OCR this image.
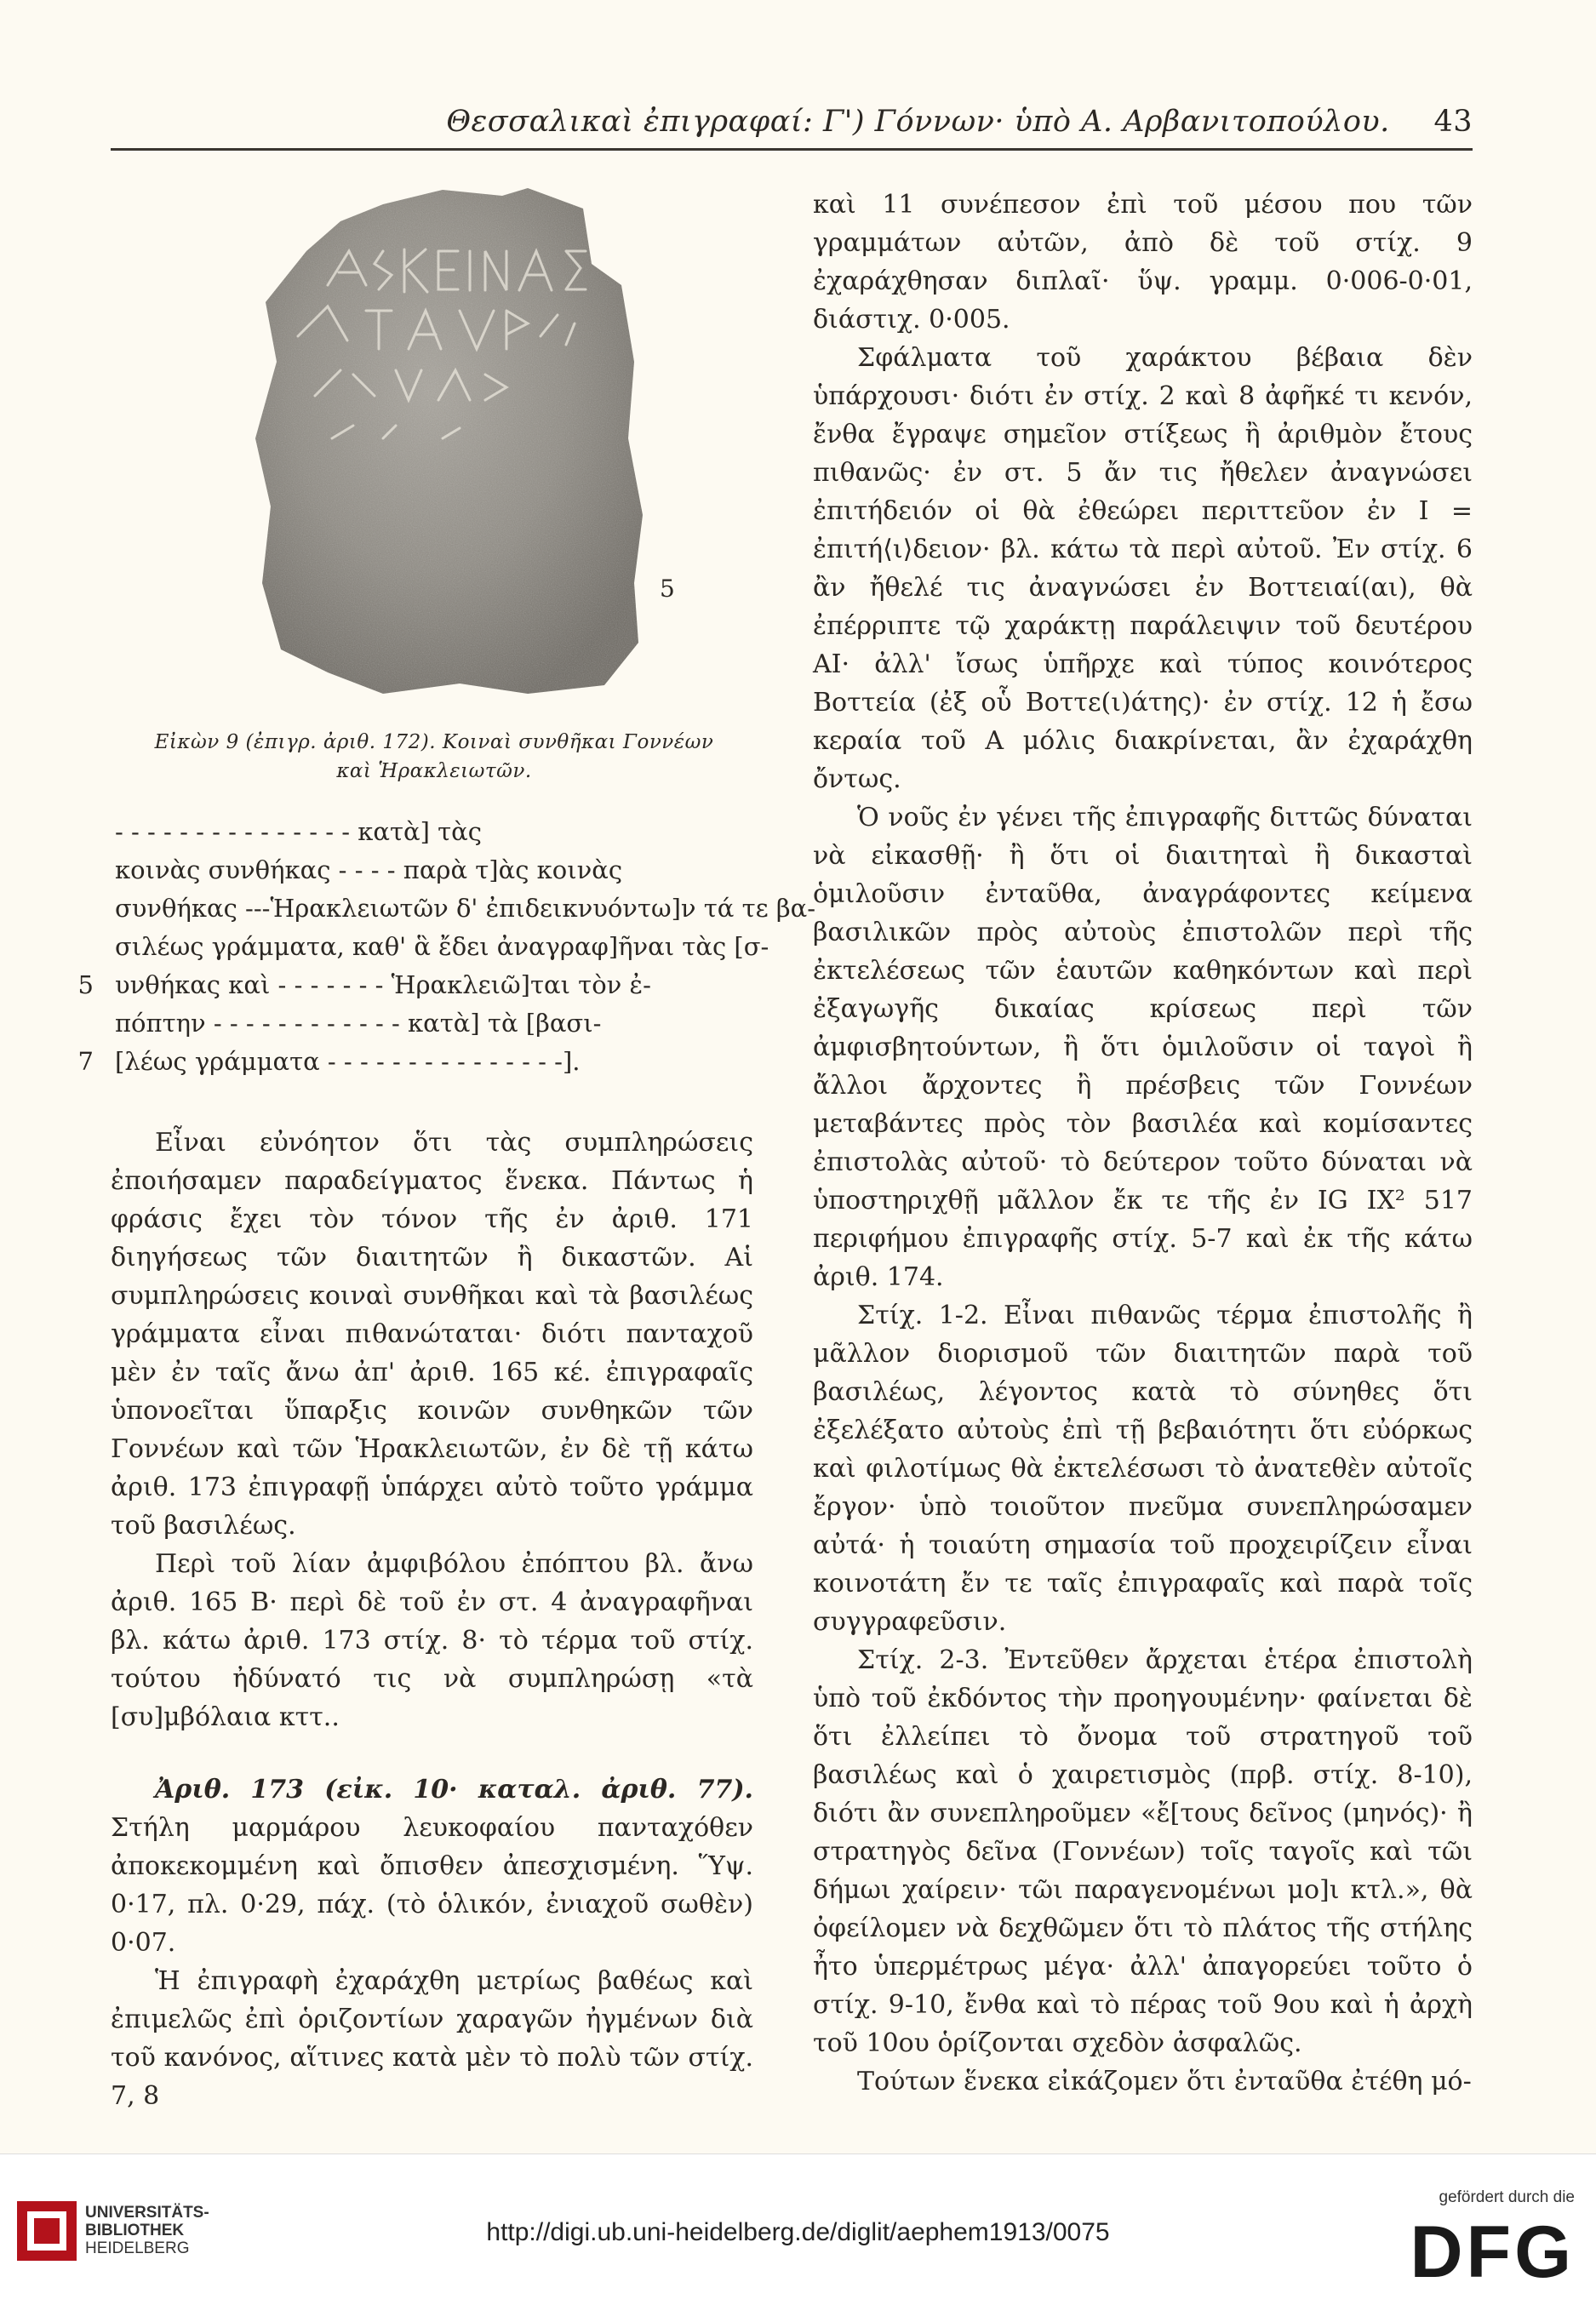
Θεσσαλικαὶ ἐπιγραφαί: Γ') Γόννων· ὑπὸ Α. Αρβανιτοπούλου. 43
5
Εἰκὼν 9 (ἐπιγρ. ἀριθ. 172). Κοιναὶ συνθῆκαι Γοννέων
καὶ Ἡρακλειωτῶν.
- - - - - - - - - - - - - - - κατὰ] τὰς
κοινὰς συνθήκας - - - - παρὰ τ]ὰς κοινὰς
συνθήκας ---Ἡρακλειωτῶν δ' ἐπιδεικνυόντω]ν τά τε βα-
σιλέως γράμματα, καθ' ἃ ἔδει ἀναγραφ]ῆναι τὰς [σ-
5 υνθήκας καὶ - - - - - - - Ἡρακλειῶ]ται τὸν ἐ-
πόπτην - - - - - - - - - - - - κατὰ] τὰ [βασι-
7 [λέως γράμματα - - - - - - - - - - - - - - -].

Εἶναι εὐνόητον ὅτι τὰς συμπληρώσεις ἐποιήσαμεν παραδείγματος ἕνεκα. Πάντως ἡ φράσις ἔχει τὸν τόνον τῆς ἐν ἀριθ. 171 διηγήσεως τῶν διαιτητῶν ἢ δικαστῶν. Αἱ συμπληρώσεις κοιναὶ συνθῆκαι καὶ τὰ βασιλέως γράμματα εἶναι πιθανώταται· διότι πανταχοῦ μὲν ἐν ταῖς ἄνω ἀπ' ἀριθ. 165 κέ. ἐπιγραφαῖς ὑπονοεῖται ὕπαρξις κοινῶν συνθηκῶν τῶν Γοννέων καὶ τῶν Ἡρακλειωτῶν, ἐν δὲ τῇ κάτω ἀριθ. 173 ἐπιγραφῇ ὑπάρχει αὐτὸ τοῦτο γράμμα τοῦ βασιλέως.

Περὶ τοῦ λίαν ἀμφιβόλου ἐπόπτου βλ. ἄνω ἀριθ. 165 Β· περὶ δὲ τοῦ ἐν στ. 4 ἀναγραφῆναι βλ. κάτω ἀριθ. 173 στίχ. 8· τὸ τέρμα τοῦ στίχ. τούτου ἠδύνατό τις νὰ συμπληρώσῃ «τὰ [συ]μβόλαια κττ..

Ἀριθ. 173 (εἰκ. 10· καταλ. ἀριθ. 77). Στήλη μαρμάρου λευκοφαίου πανταχόθεν ἀποκεκομμένη καὶ ὄπισθεν ἀπεσχισμένη. Ὕψ. 0·17, πλ. 0·29, πάχ. (τὸ ὁλικόν, ἐνιαχοῦ σωθὲν) 0·07.

Ἡ ἐπιγραφὴ ἐχαράχθη μετρίως βαθέως καὶ ἐπιμελῶς ἐπὶ ὁριζοντίων χαραγῶν ἠγμένων διὰ τοῦ κανόνος, αἵτινες κατὰ μὲν τὸ πολὺ τῶν στίχ. 7, 8

καὶ 11 συνέπεσον ἐπὶ τοῦ μέσου που τῶν γραμμάτων αὐτῶν, ἀπὸ δὲ τοῦ στίχ. 9 ἐχαράχθησαν διπλαῖ· ὕψ. γραμμ. 0·006-0·01, διάστιχ. 0·005.

Σφάλματα τοῦ χαράκτου βέβαια δὲν ὑπάρχουσι· διότι ἐν στίχ. 2 καὶ 8 ἀφῆκέ τι κενόν, ἔνθα ἔγραψε σημεῖον στίξεως ἢ ἀριθμὸν ἔτους πιθανῶς· ἐν στ. 5 ἄν τις ἤθελεν ἀναγνώσει ἐπιτήδειόν οἱ θὰ ἐθεώρει περιττεῦον ἐν Ι = ἐπιτή⟨ι⟩δειον· βλ. κάτω τὰ περὶ αὐτοῦ. Ἐν στίχ. 6 ἂν ἤθελέ τις ἀναγνώσει ἐν Βοττειαί(αι), θὰ ἐπέρριπτε τῷ χαράκτῃ παράλειψιν τοῦ δευτέρου ΑΙ· ἀλλ' ἴσως ὑπῆρχε καὶ τύπος κοινότερος Βοττεία (ἐξ οὗ Βοττε(ι)άτης)· ἐν στίχ. 12 ἡ ἔσω κεραία τοῦ Α μόλις διακρίνεται, ἂν ἐχαράχθη ὄντως.

Ὁ νοῦς ἐν γένει τῆς ἐπιγραφῆς διττῶς δύναται νὰ εἰκασθῇ· ἢ ὅτι οἱ διαιτηταὶ ἢ δικασταὶ ὁμιλοῦσιν ἐνταῦθα, ἀναγράφοντες κείμενα βασιλικῶν πρὸς αὐτοὺς ἐπιστολῶν περὶ τῆς ἐκτελέσεως τῶν ἑαυτῶν καθηκόντων καὶ περὶ ἐξαγωγῆς δικαίας κρίσεως περὶ τῶν ἀμφισβητούντων, ἢ ὅτι ὁμιλοῦσιν οἱ ταγοὶ ἢ ἄλλοι ἄρχοντες ἢ πρέσβεις τῶν Γοννέων μεταβάντες πρὸς τὸν βασιλέα καὶ κομίσαντες ἐπιστολὰς αὐτοῦ· τὸ δεύτερον τοῦτο δύναται νὰ ὑποστηριχθῇ μᾶλλον ἔκ τε τῆς ἐν IG IX² 517 περιφήμου ἐπιγραφῆς στίχ. 5-7 καὶ ἐκ τῆς κάτω ἀριθ. 174.

Στίχ. 1-2. Εἶναι πιθανῶς τέρμα ἐπιστολῆς ἢ μᾶλλον διορισμοῦ τῶν διαιτητῶν παρὰ τοῦ βασιλέως, λέγοντος κατὰ τὸ σύνηθες ὅτι ἐξελέξατο αὐτοὺς ἐπὶ τῇ βεβαιότητι ὅτι εὐόρκως καὶ φιλοτίμως θὰ ἐκτελέσωσι τὸ ἀνατεθὲν αὐτοῖς ἔργον· ὑπὸ τοιοῦτον πνεῦμα συνεπληρώσαμεν αὐτά· ἡ τοιαύτη σημασία τοῦ προχειρίζειν εἶναι κοινοτάτη ἔν τε ταῖς ἐπιγραφαῖς καὶ παρὰ τοῖς συγγραφεῦσιν.

Στίχ. 2-3. Ἐντεῦθεν ἄρχεται ἑτέρα ἐπιστολὴ ὑπὸ τοῦ ἐκδόντος τὴν προηγουμένην· φαίνεται δὲ ὅτι ἐλλείπει τὸ ὄνομα τοῦ στρατηγοῦ τοῦ βασιλέως καὶ ὁ χαιρετισμὸς (πρβ. στίχ. 8-10), διότι ἂν συνεπληροῦμεν «ἔ[τους δεῖνος (μηνός)· ἢ στρατηγὸς δεῖνα (Γοννέων) τοῖς ταγοῖς καὶ τῶι δήμωι χαίρειν· τῶι παραγενομένωι μο]ι κτλ.», θὰ ὀφείλομεν νὰ δεχθῶμεν ὅτι τὸ πλάτος τῆς στήλης ἦτο ὑπερμέτρως μέγα· ἀλλ' ἀπαγορεύει τοῦτο ὁ στίχ. 9-10, ἔνθα καὶ τὸ πέρας τοῦ 9ου καὶ ἡ ἀρχὴ τοῦ 10ου ὁρίζονται σχεδὸν ἀσφαλῶς.

Τούτων ἕνεκα εἰκάζομεν ὅτι ἐνταῦθα ἐτέθη μό-

UNIVERSITÄTS-
BIBLIOTHEK
HEIDELBERG
http://digi.ub.uni-heidelberg.de/diglit/aephem1913/0075
gefördert durch die
DFG
